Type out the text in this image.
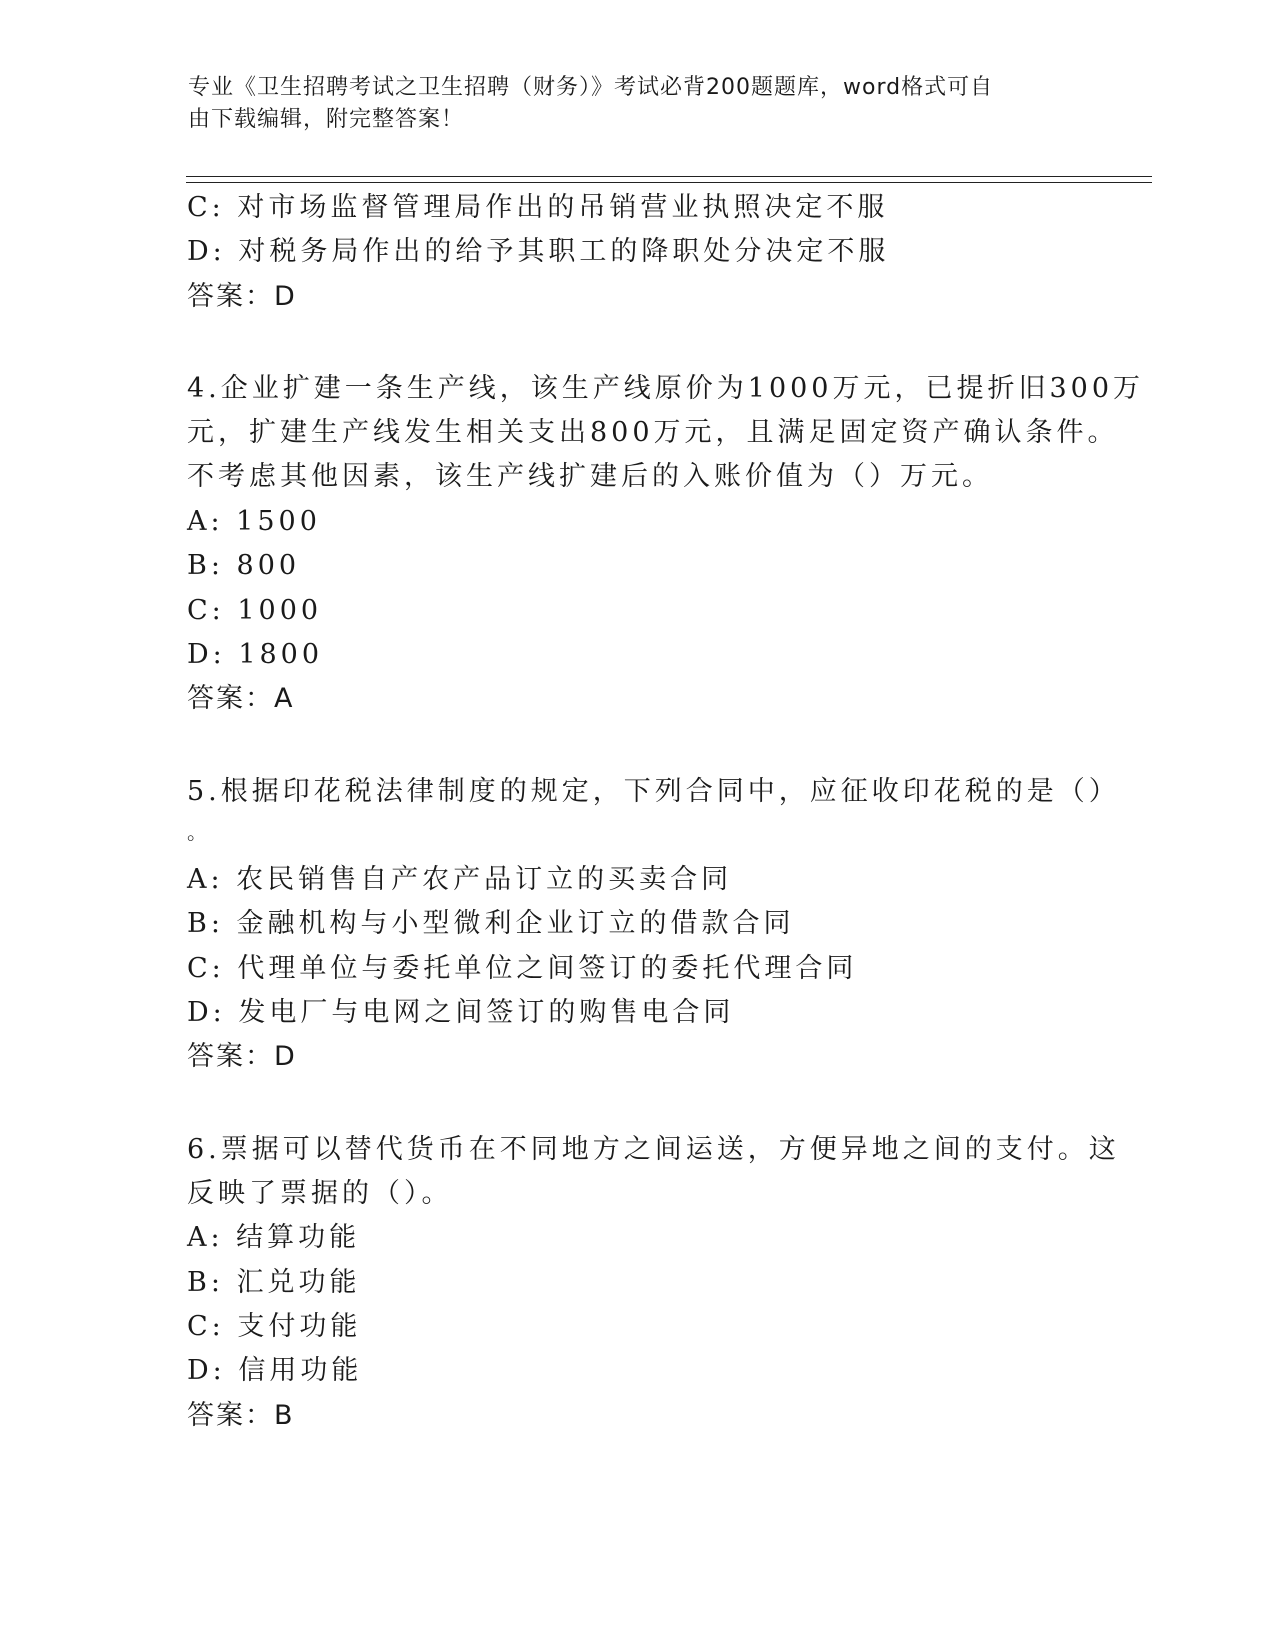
专业《卫生招聘考试之卫生招聘（财务）》考试必背200题题库，word格式可自
由下载编辑，附完整答案！
C: 对市场监督管理局作出的吊销营业执照决定不服
D: 对税务局作出的给予其职工的降职处分决定不服
答案：D
4.企业扩建一条生产线，该生产线原价为1000万元，已提折旧300万
元，扩建生产线发生相关支出800万元，且满足固定资产确认条件。
不考虑其他因素，该生产线扩建后的入账价值为（）万元。
A: 1500
B: 800
C: 1000
D: 1800
答案：A
5.根据印花税法律制度的规定，下列合同中，应征收印花税的是（）
。
A: 农民销售自产农产品订立的买卖合同
B: 金融机构与小型微利企业订立的借款合同
C: 代理单位与委托单位之间签订的委托代理合同
D: 发电厂与电网之间签订的购售电合同
答案：D
6.票据可以替代货币在不同地方之间运送，方便异地之间的支付。这
反映了票据的（）。
A: 结算功能
B: 汇兑功能
C: 支付功能
D: 信用功能
答案：B
